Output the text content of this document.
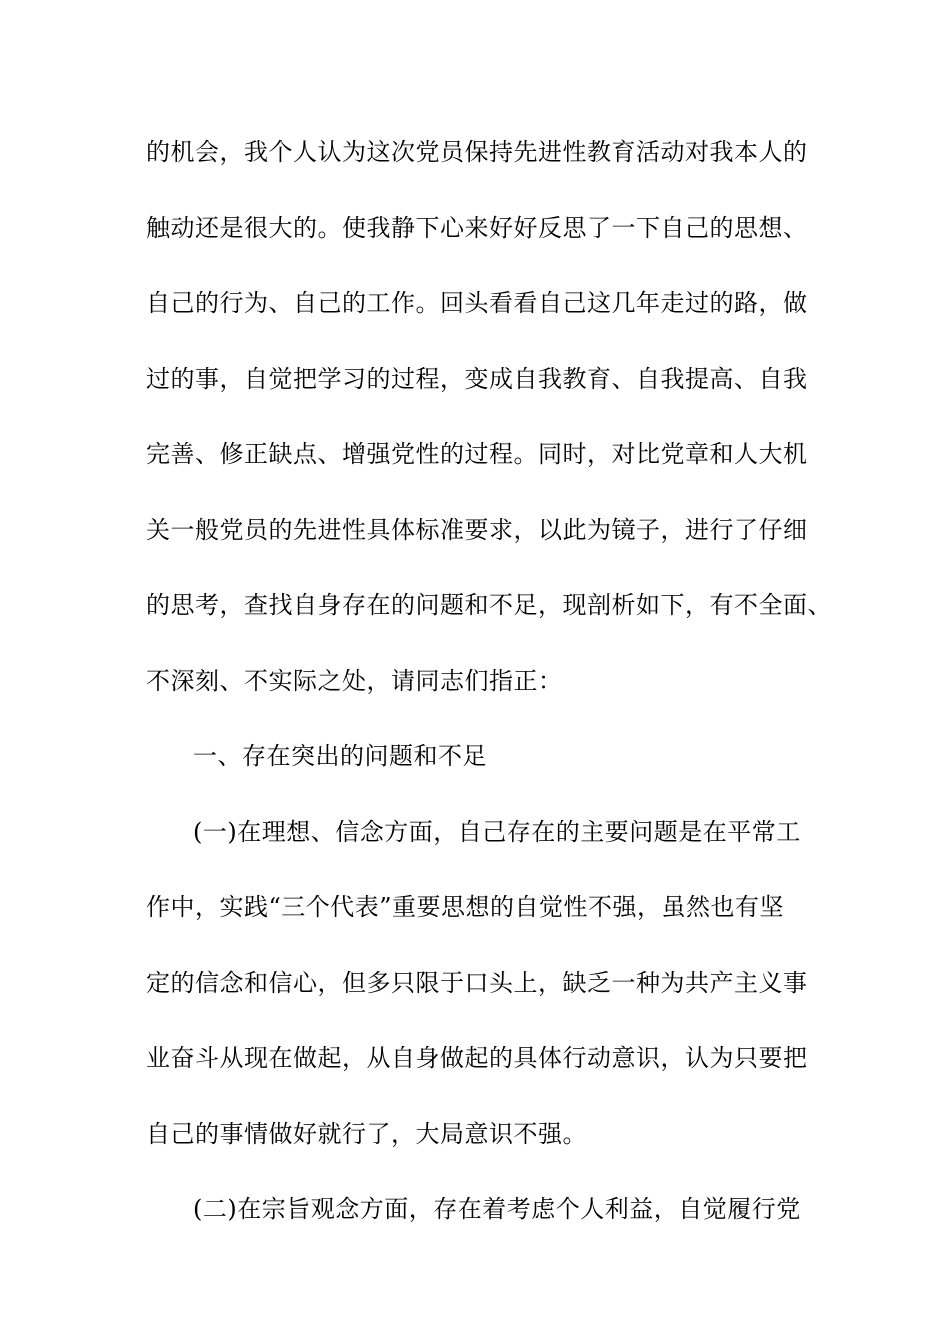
的机会，我个人认为这次党员保持先进性教育活动对我本人的
触动还是很大的。使我静下心来好好反思了一下自己的思想、
自己的行为、自己的工作。回头看看自己这几年走过的路，做
过的事，自觉把学习的过程，变成自我教育、自我提高、自我
完善、修正缺点、增强党性的过程。同时，对比党章和人大机
关一般党员的先进性具体标准要求，以此为镜子，进行了仔细
的思考，查找自身存在的问题和不足，现剖析如下，有不全面、
不深刻、不实际之处，请同志们指正：
一、存在突出的问题和不足
(一)在理想、信念方面，自己存在的主要问题是在平常工
作中，实践“三个代表”重要思想的自觉性不强，虽然也有坚
定的信念和信心，但多只限于口头上，缺乏一种为共产主义事
业奋斗从现在做起，从自身做起的具体行动意识，认为只要把
自己的事情做好就行了，大局意识不强。
(二)在宗旨观念方面，存在着考虑个人利益，自觉履行党
